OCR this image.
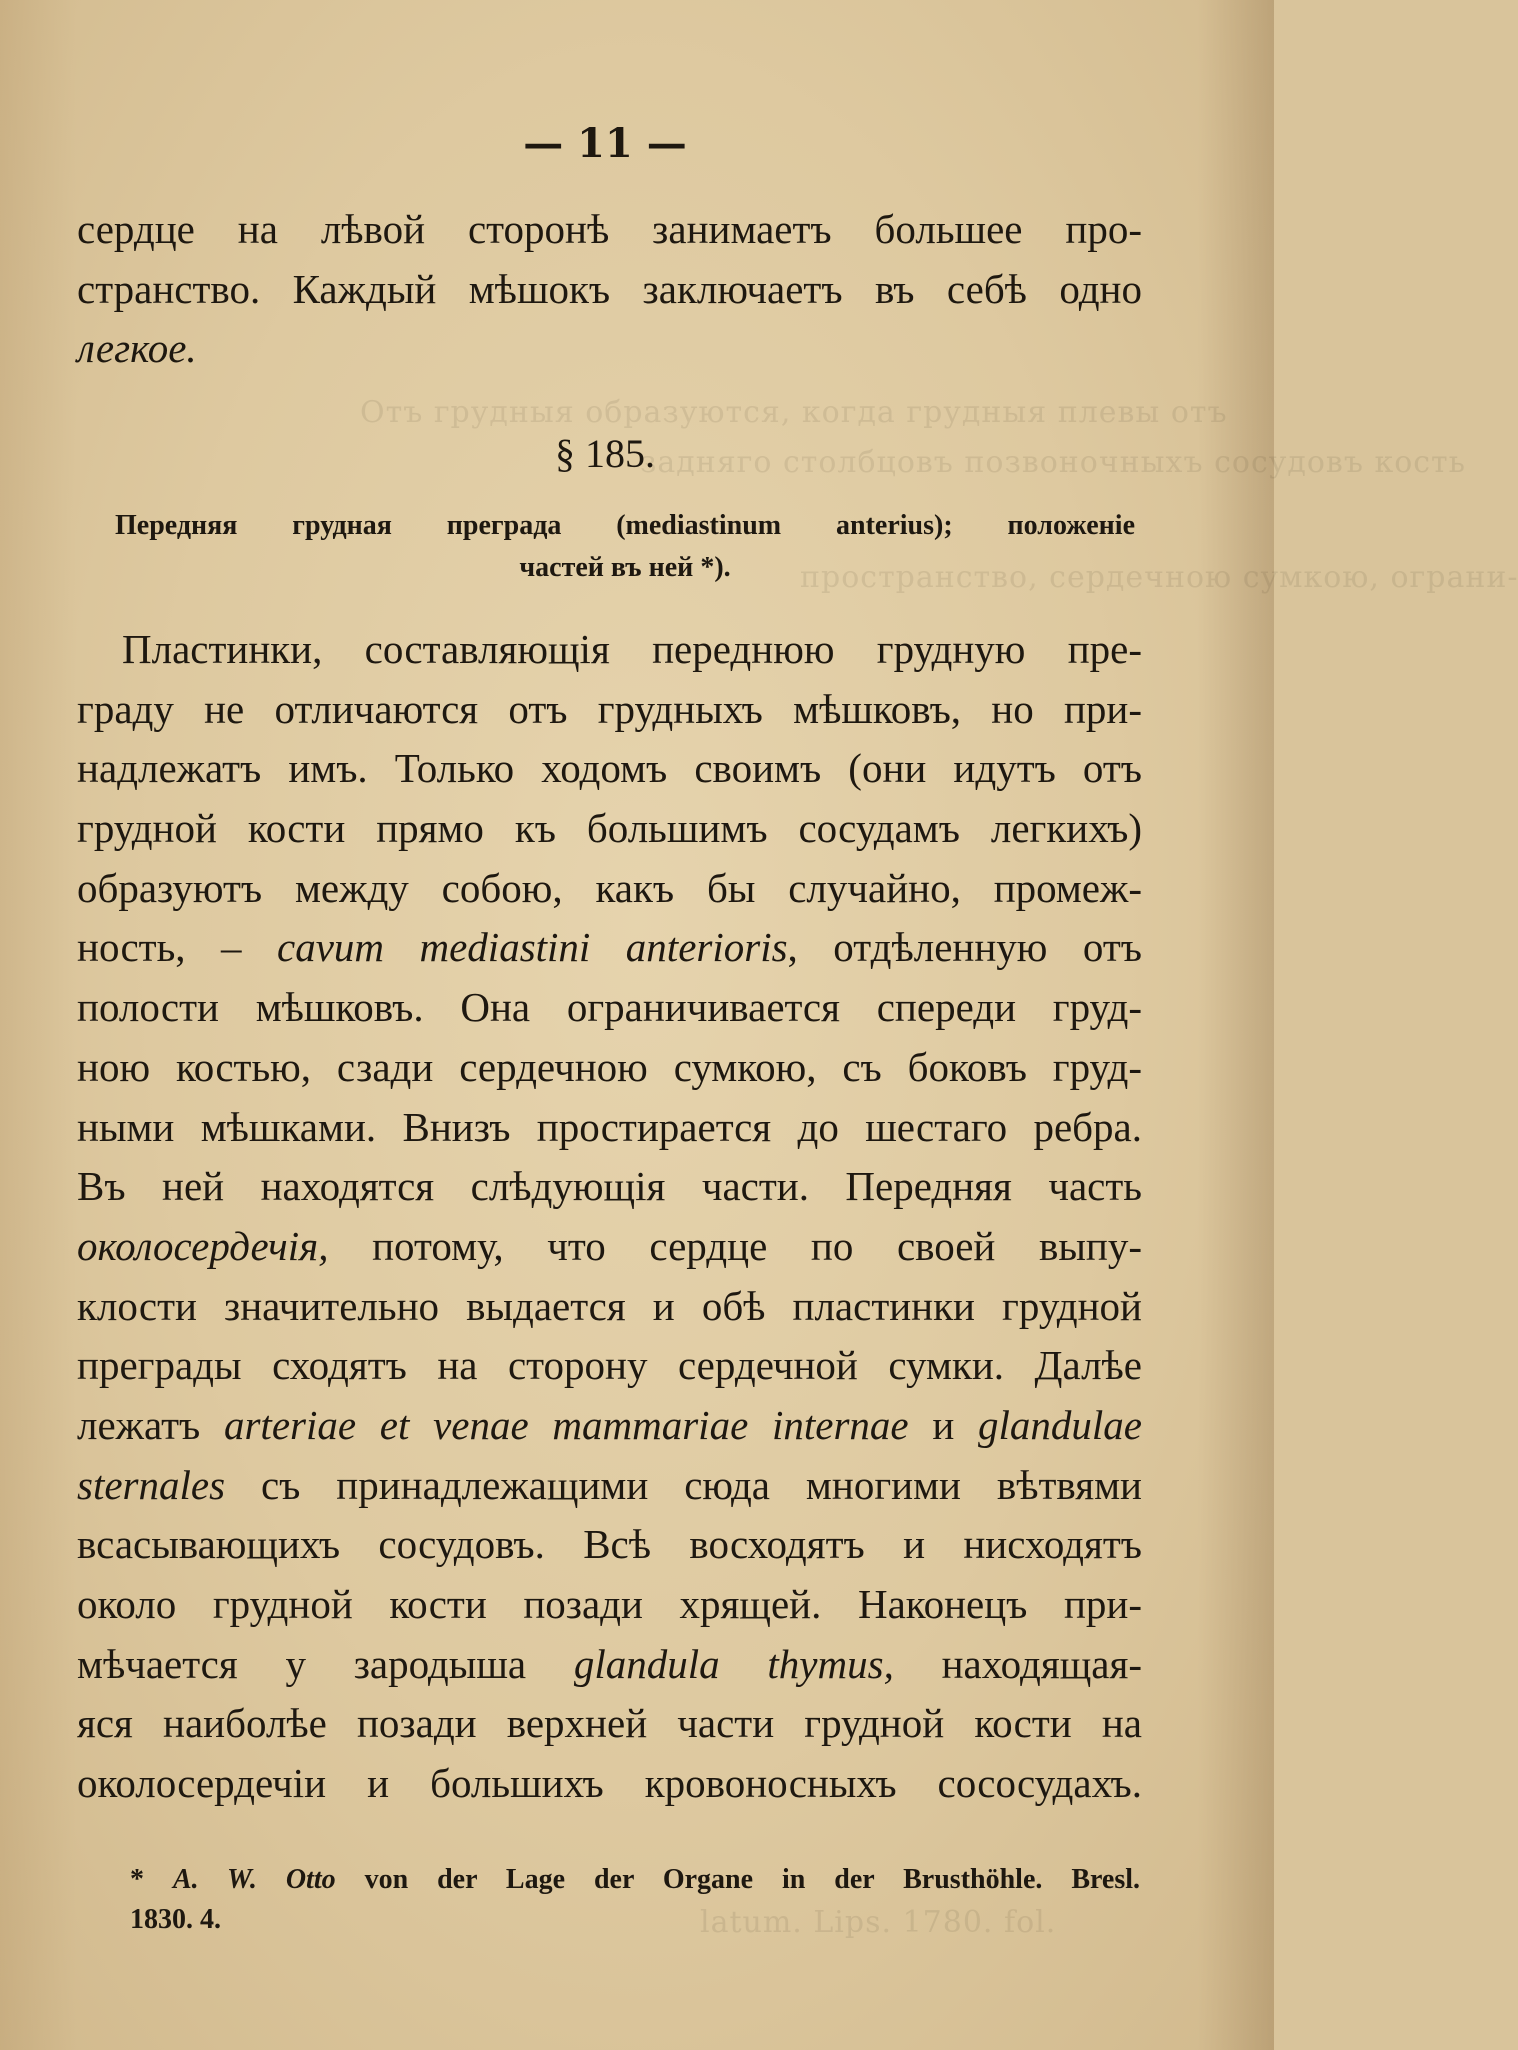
Отъ грудныя образуются, когда грудныя плевы отъ
задняго столбцовъ позвоночныхъ сосудовъ кость
пространство, сердечною сумкою, ограни-
latum. Lips. 1780. fol.
— 11 —
сердце на лѣвой сторонѣ занимаетъ большее про-
странство. Каждый мѣшокъ заключаетъ въ себѣ одно
легкое.
§ 185.
Передняя грудная преграда (mediastinum anterius); положеніе
частей въ ней *).
Пластинки, составляющія переднюю грудную пре-
граду не отличаются отъ грудныхъ мѣшковъ, но при-
надлежатъ имъ. Только ходомъ своимъ (они идутъ отъ
грудной кости прямо къ большимъ сосудамъ легкихъ)
образуютъ между собою, какъ бы случайно, промеж-
ность, – cavum mediastini anterioris, отдѣленную отъ
полости мѣшковъ. Она ограничивается спереди груд-
ною костью, сзади сердечною сумкою, съ боковъ груд-
ными мѣшками. Внизъ простирается до шестаго ребра.
Въ ней находятся слѣдующія части. Передняя часть
околосердечія, потому, что сердце по своей выпу-
клости значительно выдается и обѣ пластинки грудной
преграды сходятъ на сторону сердечной сумки. Далѣе
лежатъ arteriae et venae mammariae internae и glandulae
sternales съ принадлежащими сюда многими вѣтвями
всасывающихъ сосудовъ. Всѣ восходятъ и нисходятъ
около грудной кости позади хрящей. Наконецъ при-
мѣчается у зародыша glandula thymus, находящая-
яся наиболѣе позади верхней части грудной кости на
околосердечіи и большихъ кровоносныхъ сососудахъ.
* A. W. Otto von der Lage der Organe in der Brusthöhle. Bresl.
1830. 4.
